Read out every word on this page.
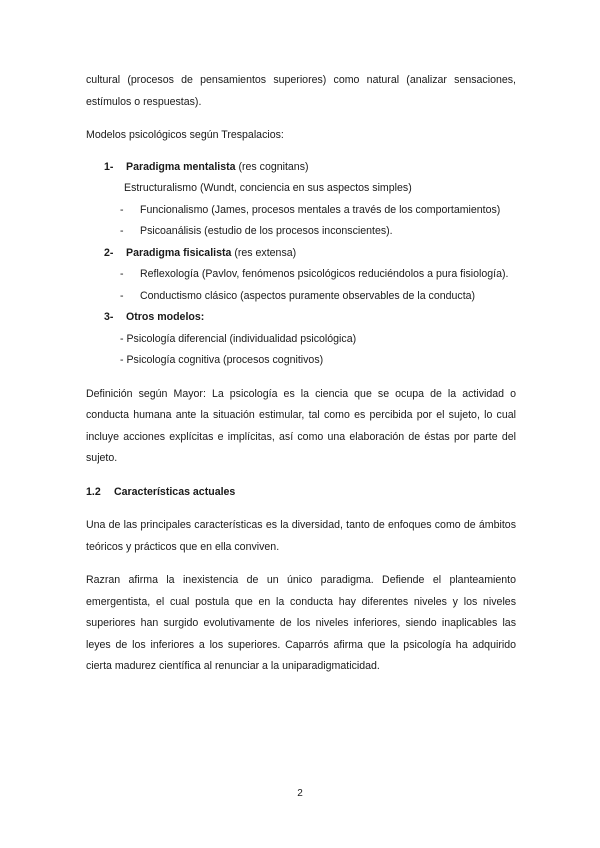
cultural (procesos de pensamientos superiores) como natural (analizar sensaciones, estímulos o respuestas).

Modelos psicológicos según Trespalacios:

1-	Paradigma mentalista (res cognitans)
Estructuralismo (Wundt, conciencia en sus aspectos simples)
-	Funcionalismo (James, procesos mentales a través de los comportamientos)
-	Psicoanálisis (estudio de los procesos inconscientes).
2-	Paradigma fisicalista (res extensa)
-	Reflexología (Pavlov, fenómenos psicológicos reduciéndolos a pura fisiología).
-	Conductismo clásico (aspectos puramente observables de la conducta)
3-	Otros modelos:
- Psicología diferencial (individualidad psicológica)
- Psicología cognitiva (procesos cognitivos)

Definición según Mayor: La psicología es la ciencia que se ocupa de la actividad o conducta humana ante la situación estimular, tal como es percibida por el sujeto, lo cual incluye acciones explícitas e implícitas, así como una elaboración de éstas por parte del sujeto.

1.2	Características actuales

Una de las principales características es la diversidad, tanto de enfoques como de ámbitos teóricos y prácticos que en ella conviven.

Razran afirma la inexistencia de un único paradigma. Defiende el planteamiento emergentista, el cual postula que en la conducta hay diferentes niveles y los niveles superiores han surgido evolutivamente de los niveles inferiores, siendo inaplicables las leyes de los inferiores a los superiores. Caparrós afirma que la psicología ha adquirido cierta madurez científica al renunciar a la uniparadigmaticidad.

2
